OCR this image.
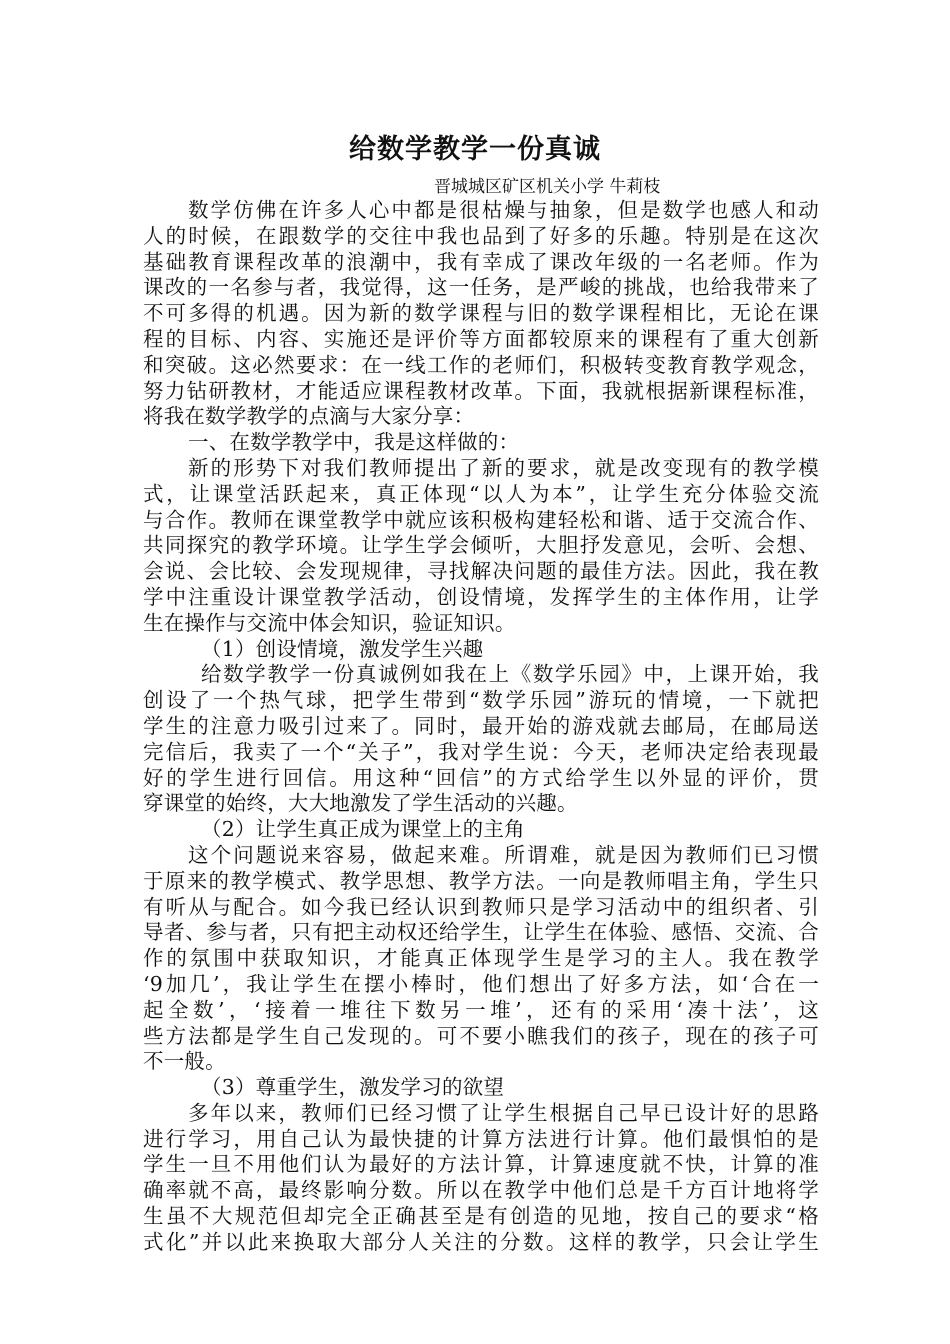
给数学教学一份真诚
晋城城区矿区机关小学 牛莉枝
数学仿佛在许多人心中都是很枯燥与抽象，但是数学也感人和动
人的时候，在跟数学的交往中我也品到了好多的乐趣。特别是在这次
基础教育课程改革的浪潮中，我有幸成了课改年级的一名老师。作为
课改的一名参与者，我觉得，这一任务，是严峻的挑战，也给我带来了
不可多得的机遇。因为新的数学课程与旧的数学课程相比，无论在课
程的目标、内容、实施还是评价等方面都较原来的课程有了重大创新
和突破。这必然要求：在一线工作的老师们，积极转变教育教学观念，
努力钻研教材，才能适应课程教材改革。下面，我就根据新课程标准，
将我在数学教学的点滴与大家分享：
一、在数学教学中，我是这样做的：
新的形势下对我们教师提出了新的要求，就是改变现有的教学模
式，让课堂活跃起来，真正体现“以人为本”，让学生充分体验交流
与合作。教师在课堂教学中就应该积极构建轻松和谐、适于交流合作、
共同探究的教学环境。让学生学会倾听，大胆抒发意见，会听、会想、
会说、会比较、会发现规律，寻找解决问题的最佳方法。因此，我在教
学中注重设计课堂教学活动，创设情境，发挥学生的主体作用，让学
生在操作与交流中体会知识，验证知识。
（1）创设情境，激发学生兴趣
给数学教学一份真诚例如我在上《数学乐园》中，上课开始，我
创设了一个热气球，把学生带到“数学乐园”游玩的情境，一下就把
学生的注意力吸引过来了。同时，最开始的游戏就去邮局，在邮局送
完信后，我卖了一个“关子”，我对学生说：今天，老师决定给表现最
好的学生进行回信。用这种“回信”的方式给学生以外显的评价，贯
穿课堂的始终，大大地激发了学生活动的兴趣。
（2）让学生真正成为课堂上的主角
这个问题说来容易，做起来难。所谓难，就是因为教师们已习惯
于原来的教学模式、教学思想、教学方法。一向是教师唱主角，学生只
有听从与配合。如今我已经认识到教师只是学习活动中的组织者、引
导者、参与者，只有把主动权还给学生，让学生在体验、感悟、交流、合
作的氛围中获取知识，才能真正体现学生是学习的主人。我在教学
‘9加几’，我让学生在摆小棒时，他们想出了好多方法，如‘合在一
起全数’，‘接着一堆往下数另一堆’，还有的采用‘凑十法’，这
些方法都是学生自己发现的。可不要小瞧我们的孩子，现在的孩子可
不一般。
（3）尊重学生，激发学习的欲望
多年以来，教师们已经习惯了让学生根据自己早已设计好的思路
进行学习，用自己认为最快捷的计算方法进行计算。他们最惧怕的是
学生一旦不用他们认为最好的方法计算，计算速度就不快，计算的准
确率就不高，最终影响分数。所以在教学中他们总是千方百计地将学
生虽不大规范但却完全正确甚至是有创造的见地，按自己的要求“格
式化”并以此来换取大部分人关注的分数。这样的教学，只会让学生
